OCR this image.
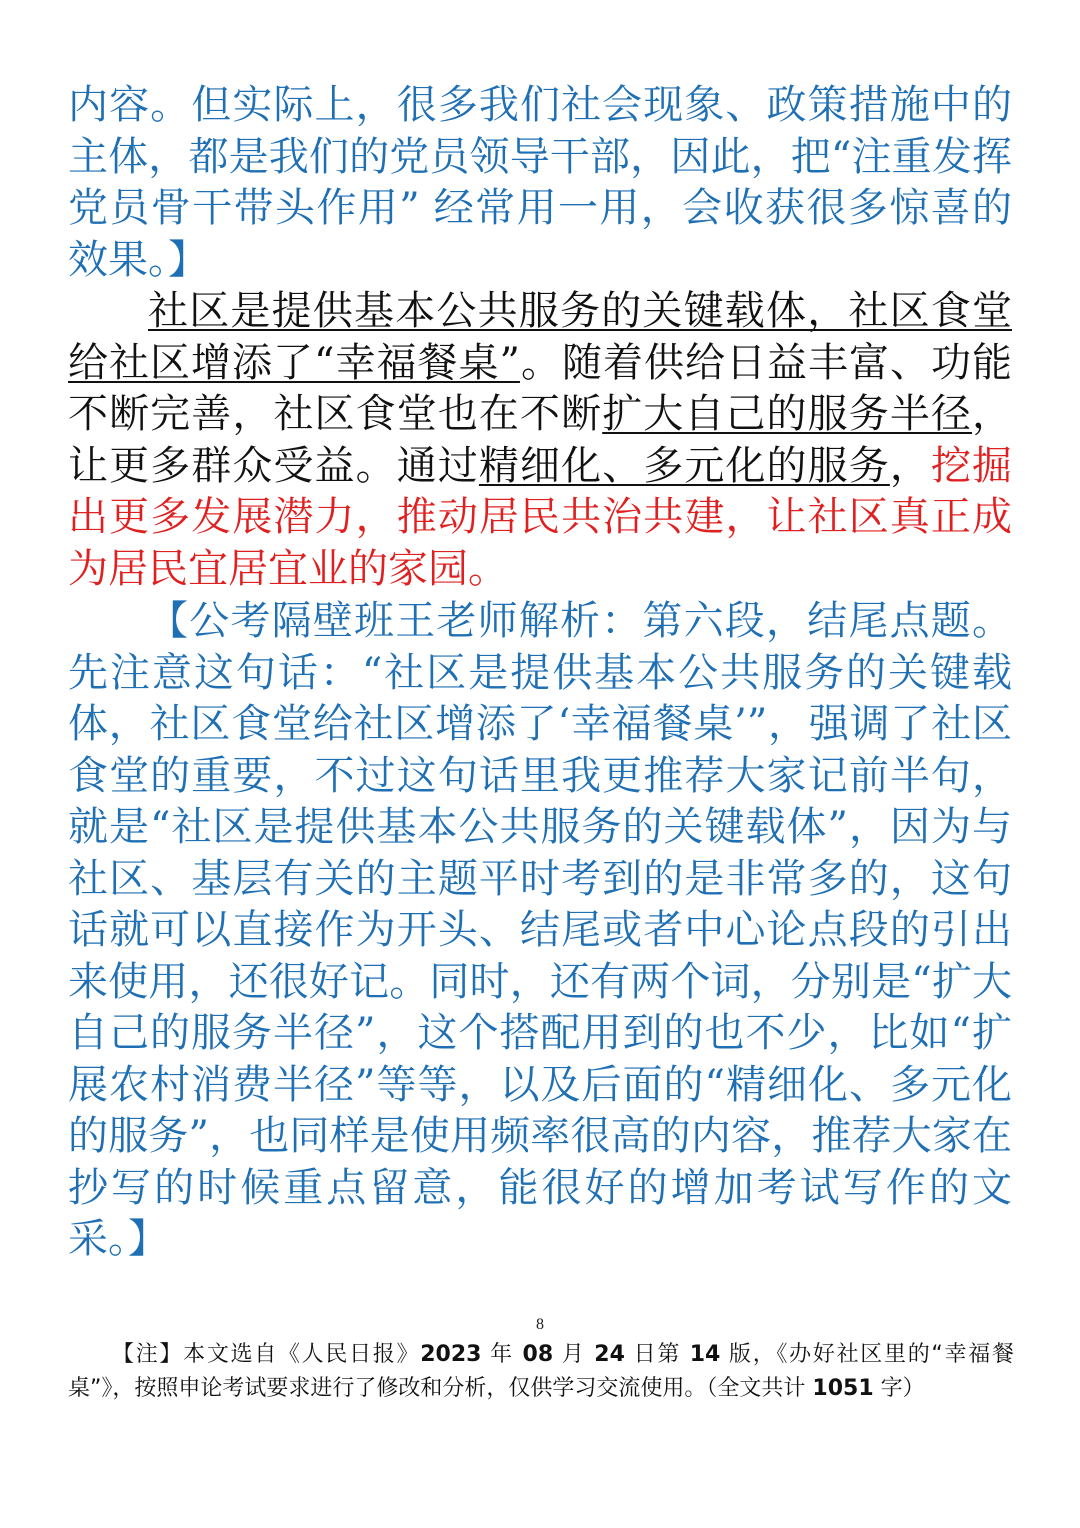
内容。但实际上，很多我们社会现象、政策措施中的主体，都是我们的党员领导干部，因此，把“注重发挥党员骨干带头作用” 经常用一用，会收获很多惊喜的效果。】

社区是提供基本公共服务的关键载体，社区食堂给社区增添了“幸福餐桌”。随着供给日益丰富、功能不断完善，社区食堂也在不断扩大自己的服务半径，让更多群众受益。通过精细化、多元化的服务，挖掘出更多发展潜力，推动居民共治共建，让社区真正成为居民宜居宜业的家园。

【公考隔壁班王老师解析：第六段，结尾点题。先注意这句话：“社区是提供基本公共服务的关键载体，社区食堂给社区增添了‘幸福餐桌’”，强调了社区食堂的重要，不过这句话里我更推荐大家记前半句，就是“社区是提供基本公共服务的关键载体”，因为与社区、基层有关的主题平时考到的是非常多的，这句话就可以直接作为开头、结尾或者中心论点段的引出来使用，还很好记。同时，还有两个词，分别是“扩大自己的服务半径”，这个搭配用到的也不少，比如“扩展农村消费半径”等等，以及后面的“精细化、多元化的服务”，也同样是使用频率很高的内容，推荐大家在抄写的时候重点留意，能很好的增加考试写作的文采。】

8

【注】本文选自《人民日报》2023 年 08 月 24 日第 14 版，《办好社区里的“幸福餐桌”》，按照申论考试要求进行了修改和分析，仅供学习交流使用。（全文共计 1051 字）
